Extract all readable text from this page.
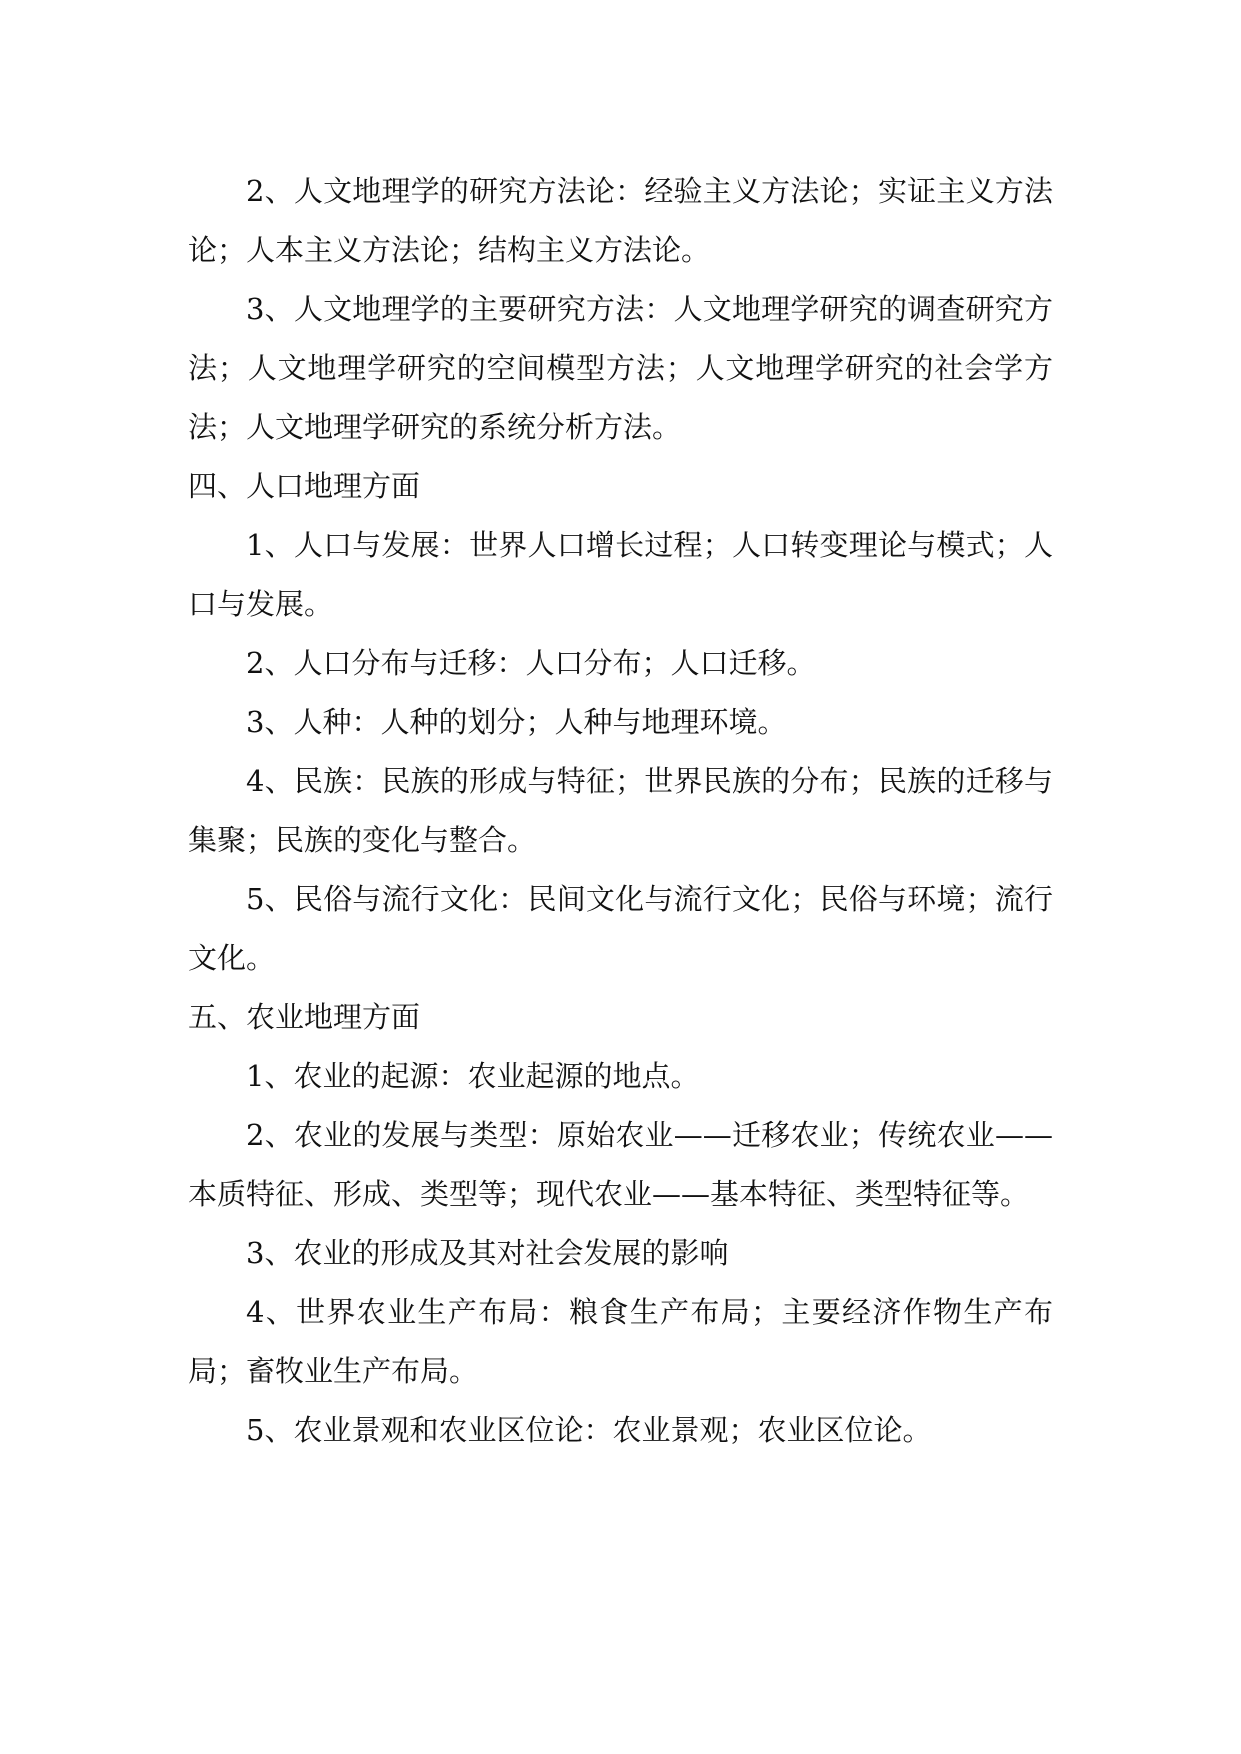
2、人文地理学的研究方法论：经验主义方法论；实证主义方法论；人本主义方法论；结构主义方法论。

3、人文地理学的主要研究方法：人文地理学研究的调查研究方法；人文地理学研究的空间模型方法；人文地理学研究的社会学方法；人文地理学研究的系统分析方法。

四、人口地理方面

1、人口与发展：世界人口增长过程；人口转变理论与模式；人口与发展。

2、人口分布与迁移：人口分布；人口迁移。

3、人种：人种的划分；人种与地理环境。

4、民族：民族的形成与特征；世界民族的分布；民族的迁移与集聚；民族的变化与整合。

5、民俗与流行文化：民间文化与流行文化；民俗与环境；流行文化。

五、农业地理方面

1、农业的起源：农业起源的地点。

2、农业的发展与类型：原始农业——迁移农业；传统农业——本质特征、形成、类型等；现代农业——基本特征、类型特征等。

3、农业的形成及其对社会发展的影响

4、世界农业生产布局：粮食生产布局；主要经济作物生产布局；畜牧业生产布局。

5、农业景观和农业区位论：农业景观；农业区位论。
